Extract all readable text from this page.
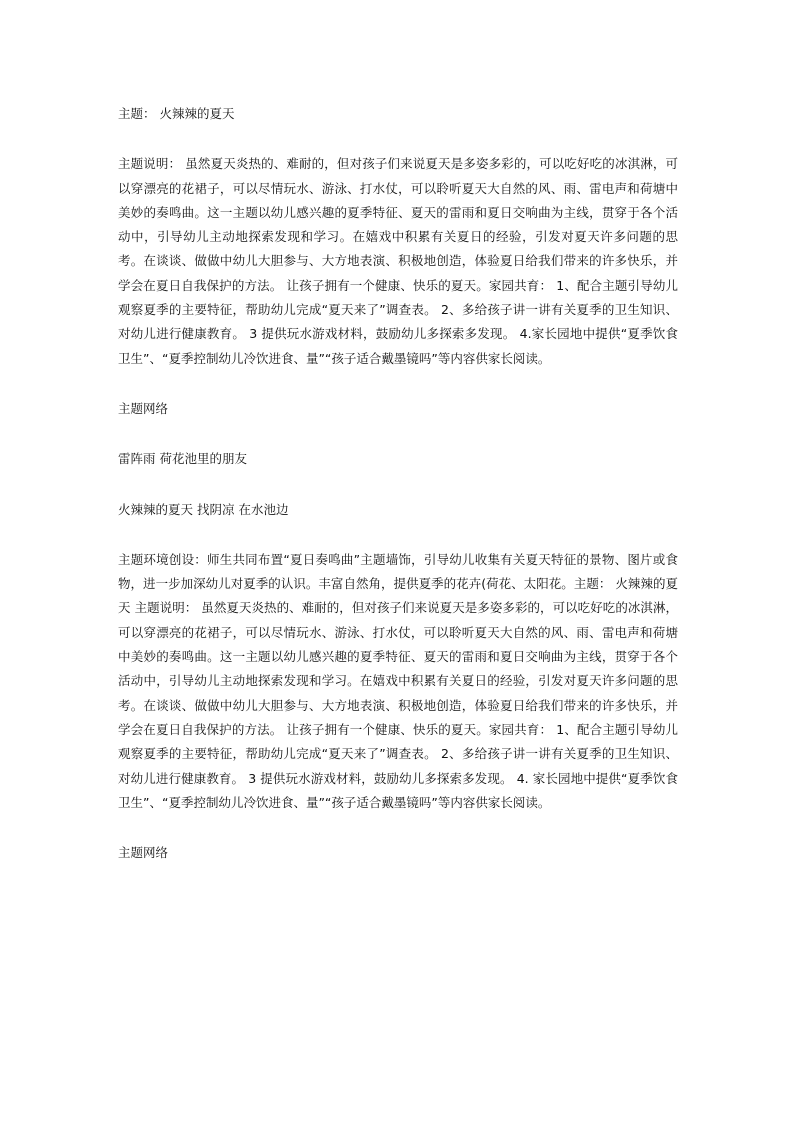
主题： 火辣辣的夏天

主题说明： 虽然夏天炎热的、难耐的，但对孩子们来说夏天是多姿多彩的，可以吃好吃的冰淇淋，可以穿漂亮的花裙子，可以尽情玩水、游泳、打水仗，可以聆听夏天大自然的风、雨、雷电声和荷塘中美妙的奏鸣曲。这一主题以幼儿感兴趣的夏季特征、夏天的雷雨和夏日交响曲为主线，贯穿于各个活动中，引导幼儿主动地探索发现和学习。在嬉戏中积累有关夏日的经验，引发对夏天许多问题的思考。在谈谈、做做中幼儿大胆参与、大方地表演、积极地创造，体验夏日给我们带来的许多快乐，并学会在夏日自我保护的方法。 让孩子拥有一个健康、快乐的夏天。家园共育： 1、配合主题引导幼儿观察夏季的主要特征，帮助幼儿完成“夏天来了”调查表。 2、多给孩子讲一讲有关夏季的卫生知识、对幼儿进行健康教育。 3 提供玩水游戏材料，鼓励幼儿多探索多发现。 4.家长园地中提供“夏季饮食卫生”、“夏季控制幼儿冷饮进食、量”“孩子适合戴墨镜吗”等内容供家长阅读。

主题网络

雷阵雨 荷花池里的朋友

火辣辣的夏天 找阴凉 在水池边

主题环境创设：师生共同布置“夏日奏鸣曲”主题墙饰，引导幼儿收集有关夏天特征的景物、图片或食物，进一步加深幼儿对夏季的认识。丰富自然角，提供夏季的花卉(荷花、太阳花。主题： 火辣辣的夏天 主题说明： 虽然夏天炎热的、难耐的，但对孩子们来说夏天是多姿多彩的，可以吃好吃的冰淇淋，可以穿漂亮的花裙子，可以尽情玩水、游泳、打水仗，可以聆听夏天大自然的风、雨、雷电声和荷塘中美妙的奏鸣曲。这一主题以幼儿感兴趣的夏季特征、夏天的雷雨和夏日交响曲为主线，贯穿于各个活动中，引导幼儿主动地探索发现和学习。在嬉戏中积累有关夏日的经验，引发对夏天许多问题的思考。在谈谈、做做中幼儿大胆参与、大方地表演、积极地创造，体验夏日给我们带来的许多快乐，并学会在夏日自我保护的方法。 让孩子拥有一个健康、快乐的夏天。家园共育： 1、配合主题引导幼儿观察夏季的主要特征，帮助幼儿完成“夏天来了”调查表。 2、多给孩子讲一讲有关夏季的卫生知识、对幼儿进行健康教育。 3 提供玩水游戏材料，鼓励幼儿多探索多发现。 4. 家长园地中提供“夏季饮食卫生”、“夏季控制幼儿冷饮进食、量”“孩子适合戴墨镜吗”等内容供家长阅读。

主题网络
